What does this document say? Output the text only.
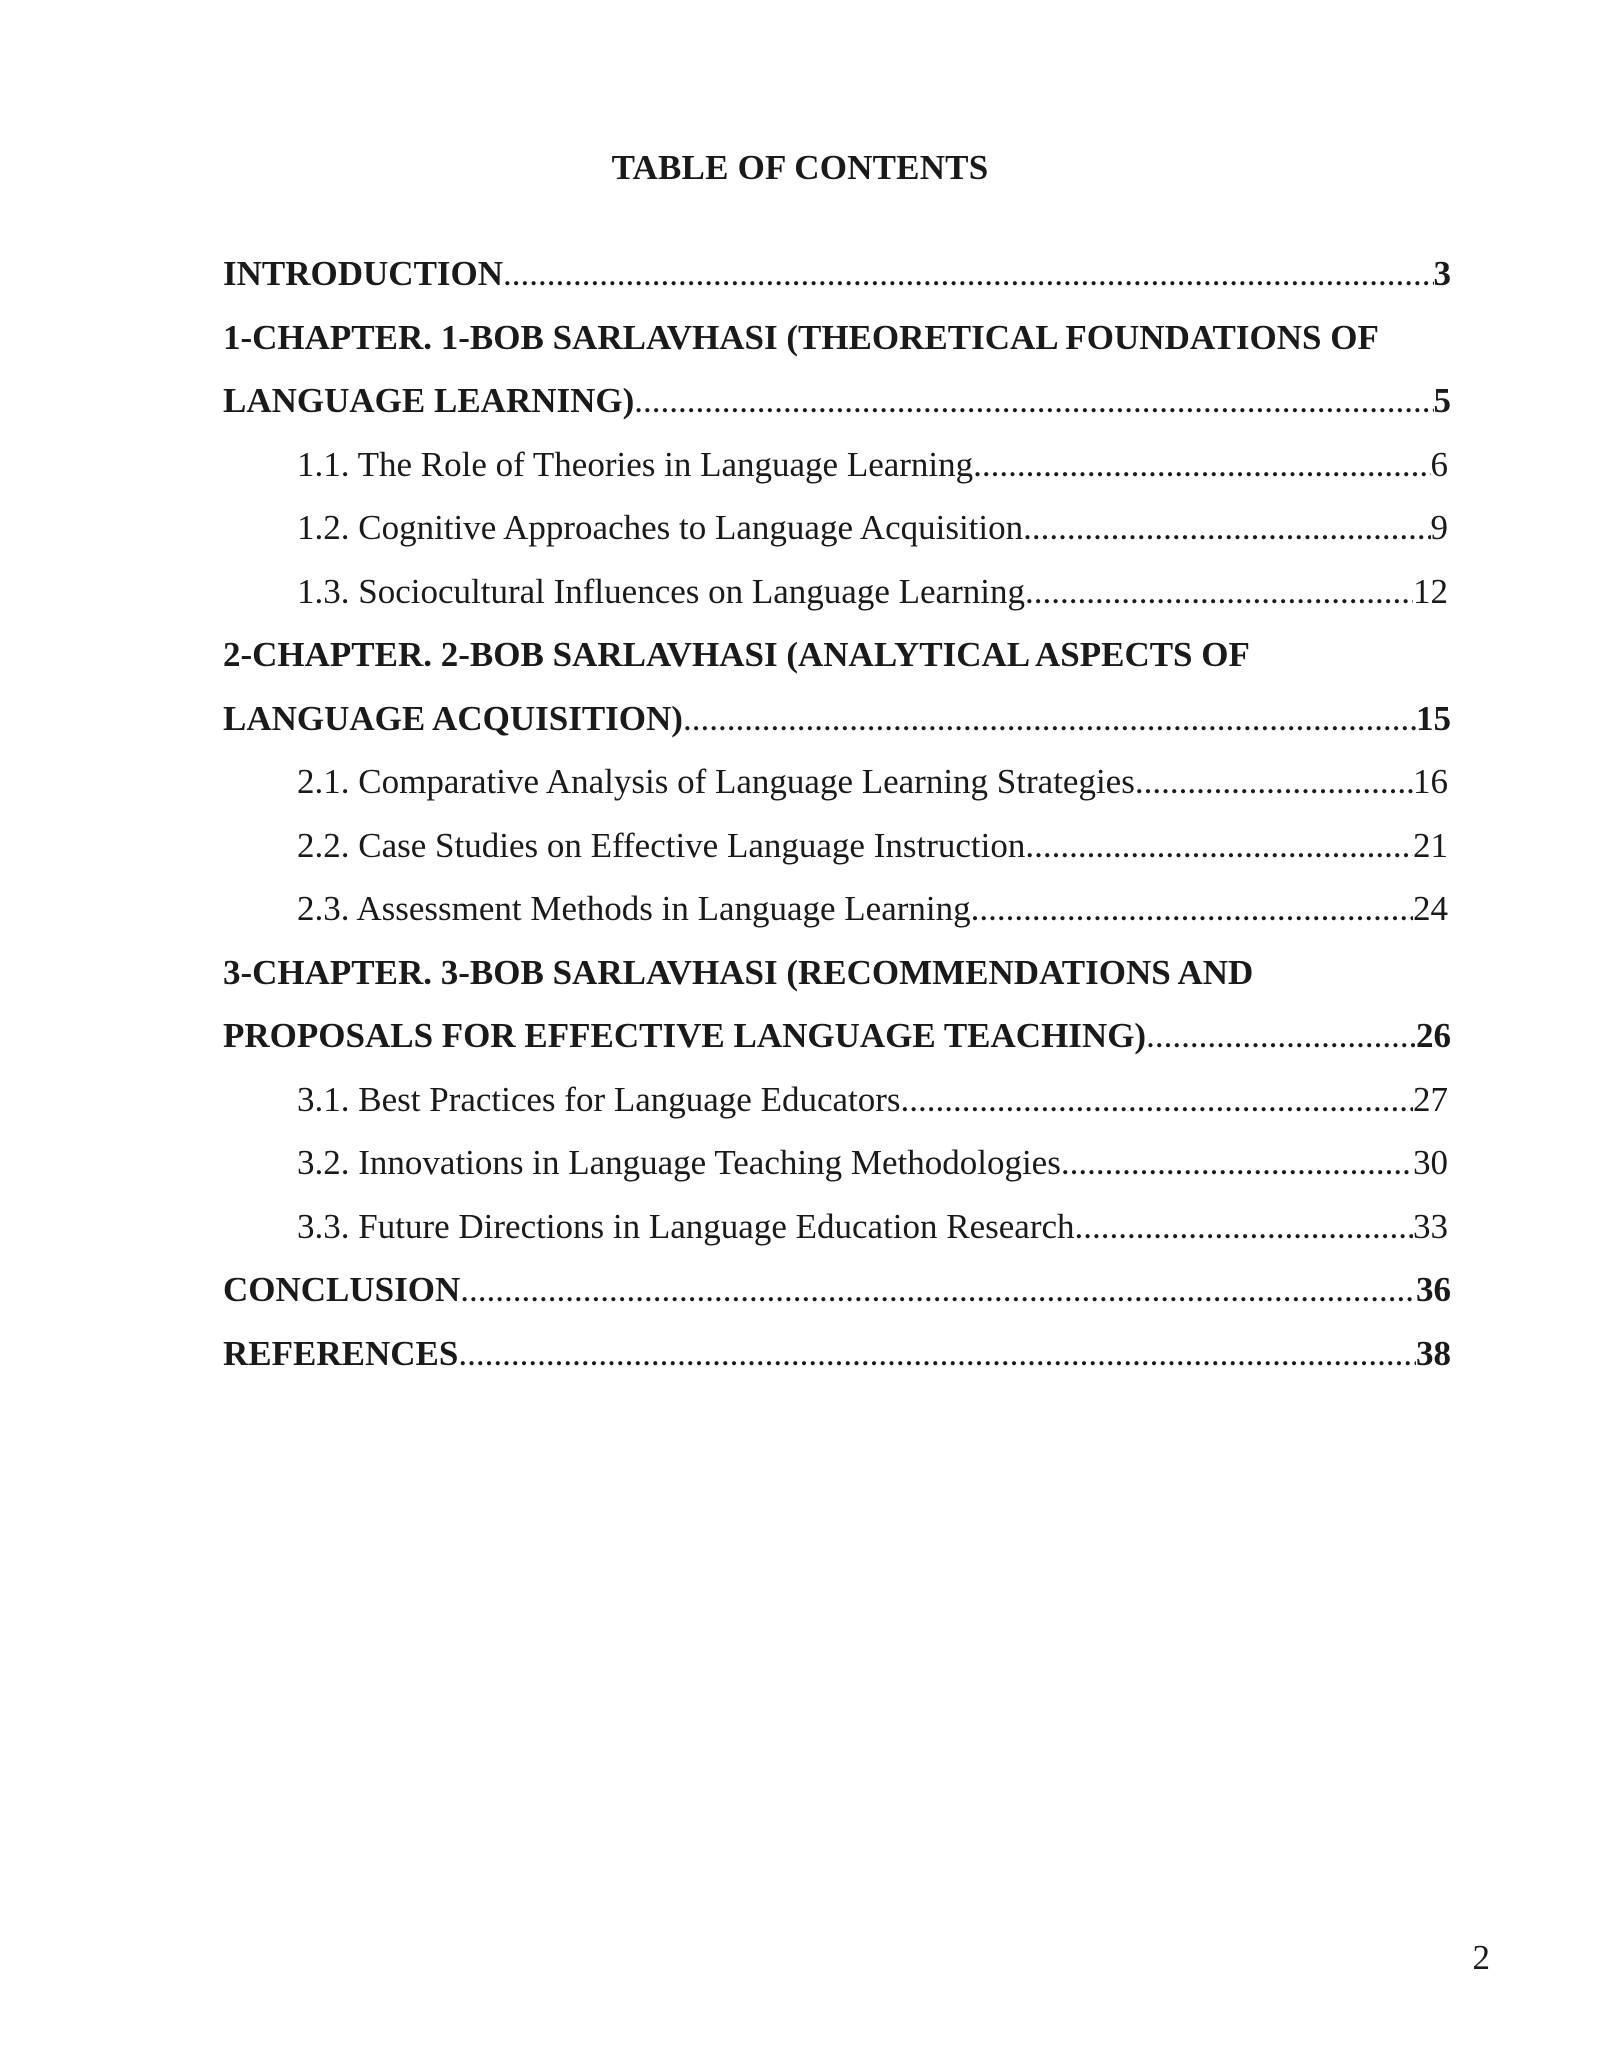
TABLE OF CONTENTS
INTRODUCTION .....	3
1-CHAPTER. 1-BOB SARLAVHASI (THEORETICAL FOUNDATIONS OF
LANGUAGE LEARNING) .....	5
1.1. The Role of Theories in Language Learning .....	6
1.2. Cognitive Approaches to Language Acquisition .....	9
1.3. Sociocultural Influences on Language Learning .....	12
2-CHAPTER. 2-BOB SARLAVHASI (ANALYTICAL ASPECTS OF
LANGUAGE ACQUISITION) .....	15
2.1. Comparative Analysis of Language Learning Strategies .....	16
2.2. Case Studies on Effective Language Instruction .....	21
2.3. Assessment Methods in Language Learning .....	24
3-CHAPTER. 3-BOB SARLAVHASI (RECOMMENDATIONS AND
PROPOSALS FOR EFFECTIVE LANGUAGE TEACHING) .....	26
3.1. Best Practices for Language Educators .....	27
3.2. Innovations in Language Teaching Methodologies .....	30
3.3. Future Directions in Language Education Research .....	33
CONCLUSION .....	36
REFERENCES .....	38
2
